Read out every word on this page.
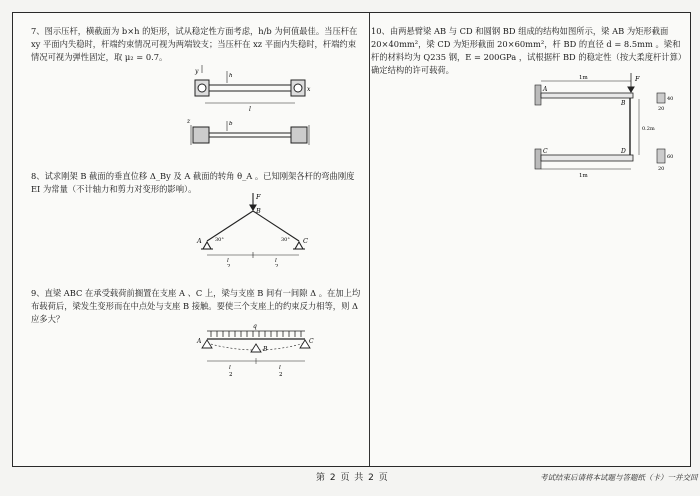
7、图示压杆，横截面为 b×h 的矩形，试从稳定性方面考虑，h/b 为何值最佳。当压杆在 xy 平面内失稳时，杆端约束情况可视为两端铰支；当压杆在 xz 平面内失稳时，杆端约束情况可视为弹性固定，取 μ₂ = 0.7。

y
x
h
l
b
z

8、试求刚架 B 截面的垂直位移 Δ_By 及 A 截面的转角 θ_A 。已知刚架各杆的弯曲刚度 EI 为常量（不计轴力和剪力对变形的影响）。

F
A
B
C
30°	30°
l
2
l
2

9、直梁 ABC 在承受载荷前搁置在支座 A 、C 上，梁与支座 B 间有一间隙 Δ 。在加上均布载荷后，梁发生变形而在中点处与支座 B 接触。要使三个支座上的约束反力相等，则 Δ 应多大？

q
A
B
C
l
2
l
2

10、由两悬臂梁 AB 与 CD 和圆钢 BD 组成的结构如图所示，梁 AB 为矩形截面 20×40mm²，梁 CD 为矩形截面 20×60mm²，杆 BD 的直径 d = 8.5mm 。梁和杆的材料均为 Q235 钢，E = 200GPa ，试根据杆 BD 的稳定性（按大柔度杆计算）确定结构的许可载荷。

F
A
B
C	D
1m
1m
0.2m
40
20
60
20
第 2 页 共 2 页	考试结束后请将本试题与答题纸（卡）一并交回
